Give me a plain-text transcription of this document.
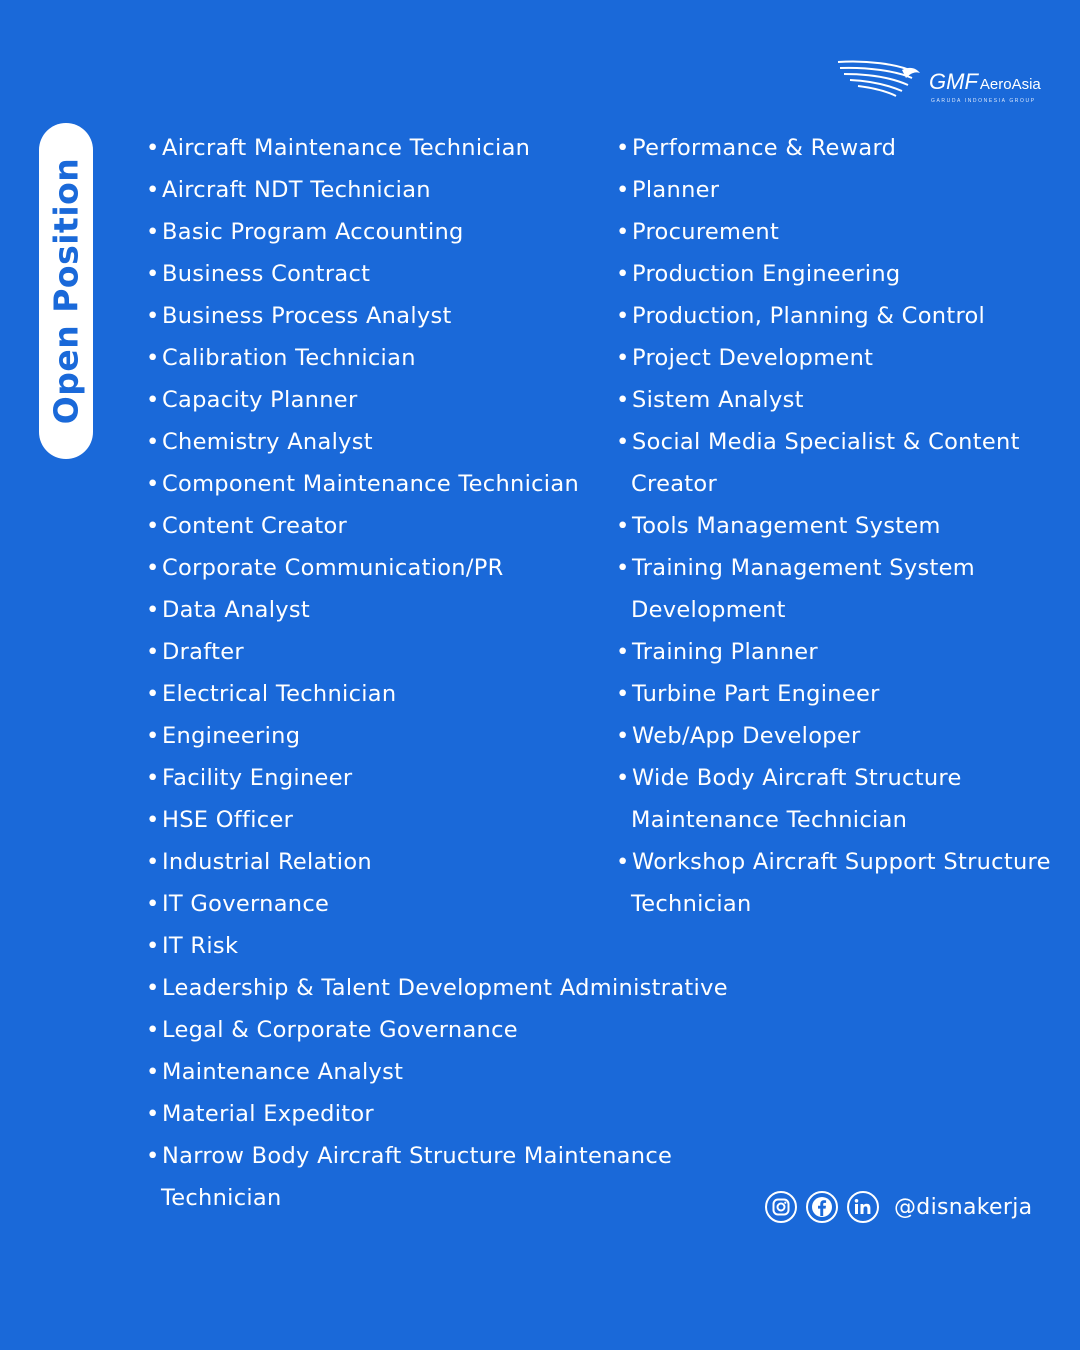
Open Position
GMF AeroAsia
GARUDA INDONESIA GROUP
• Aircraft Maintenance Technician
• Aircraft NDT Technician
• Basic Program Accounting
• Business Contract
• Business Process Analyst
• Calibration Technician
• Capacity Planner
• Chemistry Analyst
• Component Maintenance Technician
• Content Creator
• Corporate Communication/PR
• Data Analyst
• Drafter
• Electrical Technician
• Engineering
• Facility Engineer
• HSE Officer
• Industrial Relation
• IT Governance
• IT Risk
• Leadership & Talent Development Administrative
• Legal & Corporate Governance
• Maintenance Analyst
• Material Expeditor
• Narrow Body Aircraft Structure Maintenance
Technician
• Performance & Reward
• Planner
• Procurement
• Production Engineering
• Production, Planning & Control
• Project Development
• Sistem Analyst
• Social Media Specialist & Content
Creator
• Tools Management System
• Training Management System
Development
• Training Planner
• Turbine Part Engineer
• Web/App Developer
• Wide Body Aircraft Structure
Maintenance Technician
• Workshop Aircraft Support Structure
Technician
@disnakerja
